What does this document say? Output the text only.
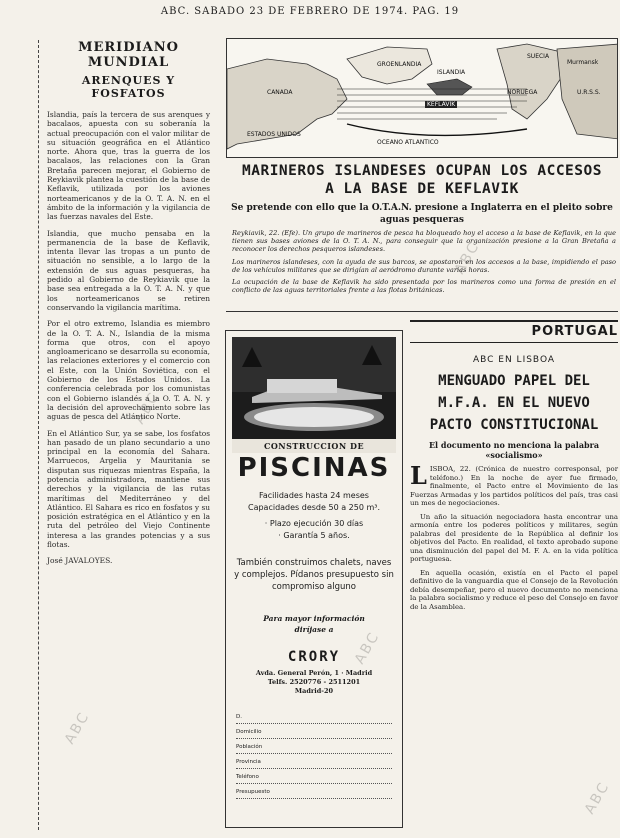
ABC. SABADO 23 DE FEBRERO DE 1974. PAG. 19
MERIDIANO MUNDIAL
ARENQUES Y FOSFATOS

Islandia, país la tercera de sus arenques y bacalaos, apuesta con su soberanía la actual preocupación con el valor militar de su situación geográfica en el Atlántico norte. Ahora que, tras la guerra de los bacalaos, las relaciones con la Gran Bretaña parecen mejorar, el Gobierno de Reykiavik plantea la cuestión de la base de Keflavik, utilizada por los aviones norteamericanos y de la O. T. A. N. en el ámbito de la información y la vigilancia de las fuerzas navales del Este.

Islandia, que mucho pensaba en la permanencia de la base de Keflavik, intenta llevar las tropas a un punto de situación no sensible, a lo largo de la extensión de sus aguas pesqueras, ha pedido al Gobierno de Reykiavik que la base sea entregada a la O. T. A. N. y que los norteamericanos se retiren conservando la vigilancia marítima.

Por el otro extremo, Islandia es miembro de la O. T. A. N., Islandia de la misma forma que otros, con el apoyo angloamericano se desarrolla su economía, las relaciones exteriores y el comercio con el Este, con la Unión Soviética, con el Gobierno de los Estados Unidos. La conferencia celebrada por los comunistas con el Gobierno islandés a la O. T. A. N. y la decisión del aprovechamiento sobre las aguas de pesca del Atlántico Norte.

En el Atlántico Sur, ya se sabe, los fosfatos han pasado de un plano secundario a uno principal en la economía del Sahara. Marruecos, Argelia y Mauritania se disputan sus riquezas mientras España, la potencia administradora, mantiene sus derechos y la vigilancia de las rutas marítimas del Mediterráneo y del Atlántico. El Sahara es rico en fosfatos y su posición estratégica en el Atlántico y en la ruta del petróleo del Viejo Continente interesa a las grandes potencias y a sus flotas.

José JAVALOYES.

GROENLANDIA
ISLANDIA
NORUEGA
CANADA
KEFLAVIK
U.R.S.S.
SUECIA
Murmansk
ESTADOS UNIDOS
OCEANO ATLANTICO
MARINEROS ISLANDESES OCUPAN LOS ACCESOS
A LA BASE DE KEFLAVIK
Se pretende con ello que la O.T.A.N. presione a Inglaterra en el pleito sobre aguas pesqueras

Reykiavik, 22. (Efe). Un grupo de marineros de pesca ha bloqueado hoy el acceso a la base de Keflavik, en la que tienen sus bases aviones de la O. T. A. N., para conseguir que la organización presione a la Gran Bretaña a reconocer los derechos pesqueros islandeses.

Los marineros islandeses, con la ayuda de sus barcos, se apostaron en los accesos a la base, impidiendo el paso de los vehículos militares que se dirigían al aeródromo durante varias horas.

La ocupación de la base de Keflavik ha sido presentada por los marineros como una forma de presión en el conflicto de las aguas territoriales frente a las flotas británicas.

CONSTRUCCION DE
PISCINAS
Facilidades hasta 24 meses
Capacidades desde 50 a 250 m³.
· Plazo ejecución 30 días
· Garantía 5 años.
También construimos chalets, naves y complejos. Pídanos presupuesto sin compromiso alguno
Para mayor información
diríjase a
CRORY
Avda. General Perón, 1 · Madrid
Telfs. 2520776 - 2511201
Madrid-20
D.
Domicilio
Población
Provincia
Teléfono
Presupuesto
PORTUGAL
ABC EN LISBOA
MENGUADO PAPEL DEL
M.F.A. EN EL NUEVO
PACTO CONSTITUCIONAL
El documento no menciona la palabra «socialismo»

LISBOA, 22. (Crónica de nuestro corresponsal, por teléfono.) En la noche de ayer fue firmado, finalmente, el Pacto entre el Movimiento de las Fuerzas Armadas y los partidos políticos del país, tras casi un mes de negociaciones.

Un año la situación negociadora hasta encontrar una armonía entre los poderes políticos y militares, según palabras del presidente de la República al definir los objetivos del Pacto. En realidad, el texto aprobado supone una disminución del papel del M. F. A. en la vida política portuguesa.

En aquella ocasión, existía en el Pacto el papel definitivo de la vanguardia que el Consejo de la Revolución debía desempeñar, pero el nuevo documento no menciona la palabra socialismo y reduce el peso del Consejo en favor de la Asamblea.

ABC
ABC
ABC
ABC
ABC
